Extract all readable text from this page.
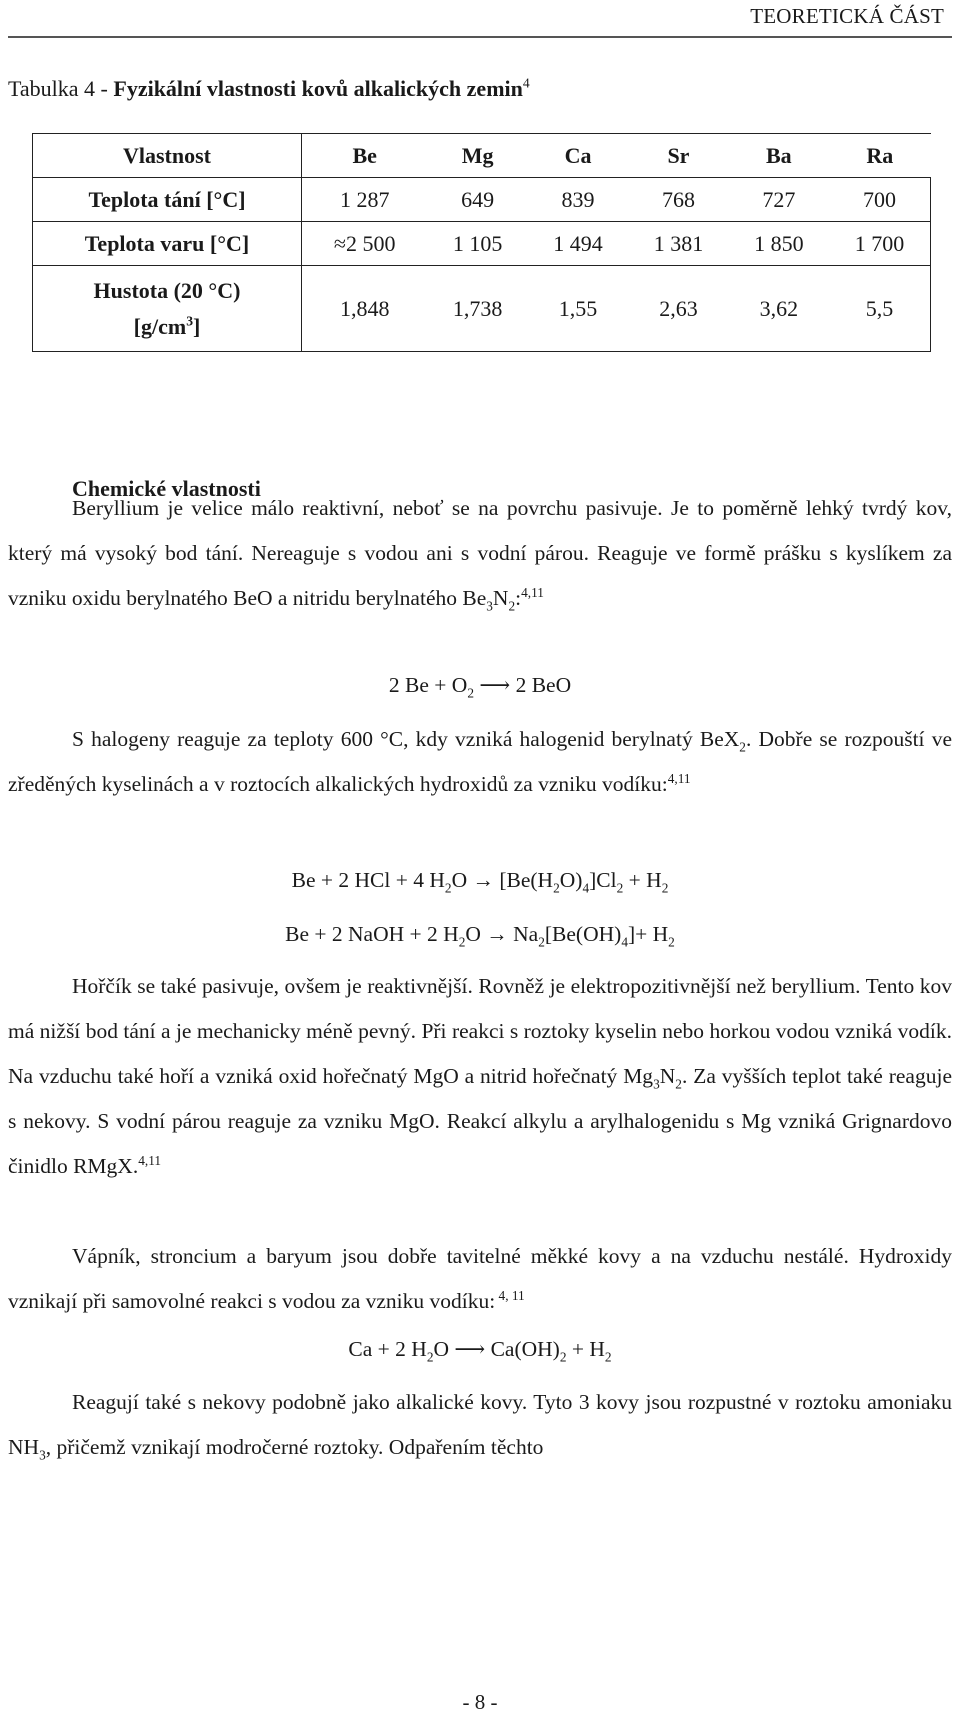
TEORETICKÁ ČÁST
Tabulka 4 - Fyzikální vlastnosti kovů alkalických zemin$^4$
Vlastnost	Be	Mg	Ca	Sr	Ba	Ra
Teplota tání [°C]	1 287	649	839	768	727	700
Teplota varu [°C]	≈2 500	1 105	1 494	1 381	1 850	1 700
Hustota (20 °C)
$[g/cm^3]$	1,848	1,738	1,55	2,63	3,62	5,5
Chemické vlastnosti
Beryllium je velice málo reaktivní, neboť se na povrchu pasivuje. Je to poměrně lehký tvrdý kov, který má vysoký bod tání. Nereaguje s vodou ani s vodní párou. Reaguje ve formě prášku s kyslíkem za vzniku oxidu berylnatého BeO a nitridu berylnatého $Be_3N_2:^{4,11}$
2 $Be + O_2$ ⟶ 2 BeO
S halogeny reaguje za teploty 600 °C, kdy vzniká halogenid berylnatý BeX$_2$. Dobře se rozpouští ve zředěných kyselinách a v roztocích alkalických hydroxidů za vzniku vodíku:$^{4,11}$
Be + 2 HCl + 4 $H_2O \to [Be(H_2O)_4]Cl_2 + H_2$
Be + 2 NaOH + 2 $H_2O \to Na_2[Be(OH)_4]+ H_2$
Hořčík se také pasivuje, ovšem je reaktivnější. Rovněž je elektropozitivnější než beryllium. Tento kov má nižší bod tání a je mechanicky méně pevný. Při reakci s roztoky kyselin nebo horkou vodou vzniká vodík. Na vzduchu také hoří a vzniká oxid hořečnatý MgO a nitrid hořečnatý $Mg_3N_2$. Za vyšších teplot také reaguje s nekovy. S vodní párou reaguje za vzniku MgO. Reakcí alkylu a arylhalogenidu s Mg vzniká Grignardovo činidlo RMgX.$^{4,11}$
Vápník, stroncium a baryum jsou dobře tavitelné měkké kovy a na vzduchu nestálé. Hydroxidy vznikají při samovolné reakci s vodou za vzniku vodíku: $^{4, 11}$
Ca + 2 $H_2O$ ⟶ $Ca(OH)_2 + H_2$
Reagují také s nekovy podobně jako alkalické kovy. Tyto 3 kovy jsou rozpustné v roztoku amoniaku $NH_3$, přičemž vznikají modročerné roztoky. Odpařením těchto
- 8 -
